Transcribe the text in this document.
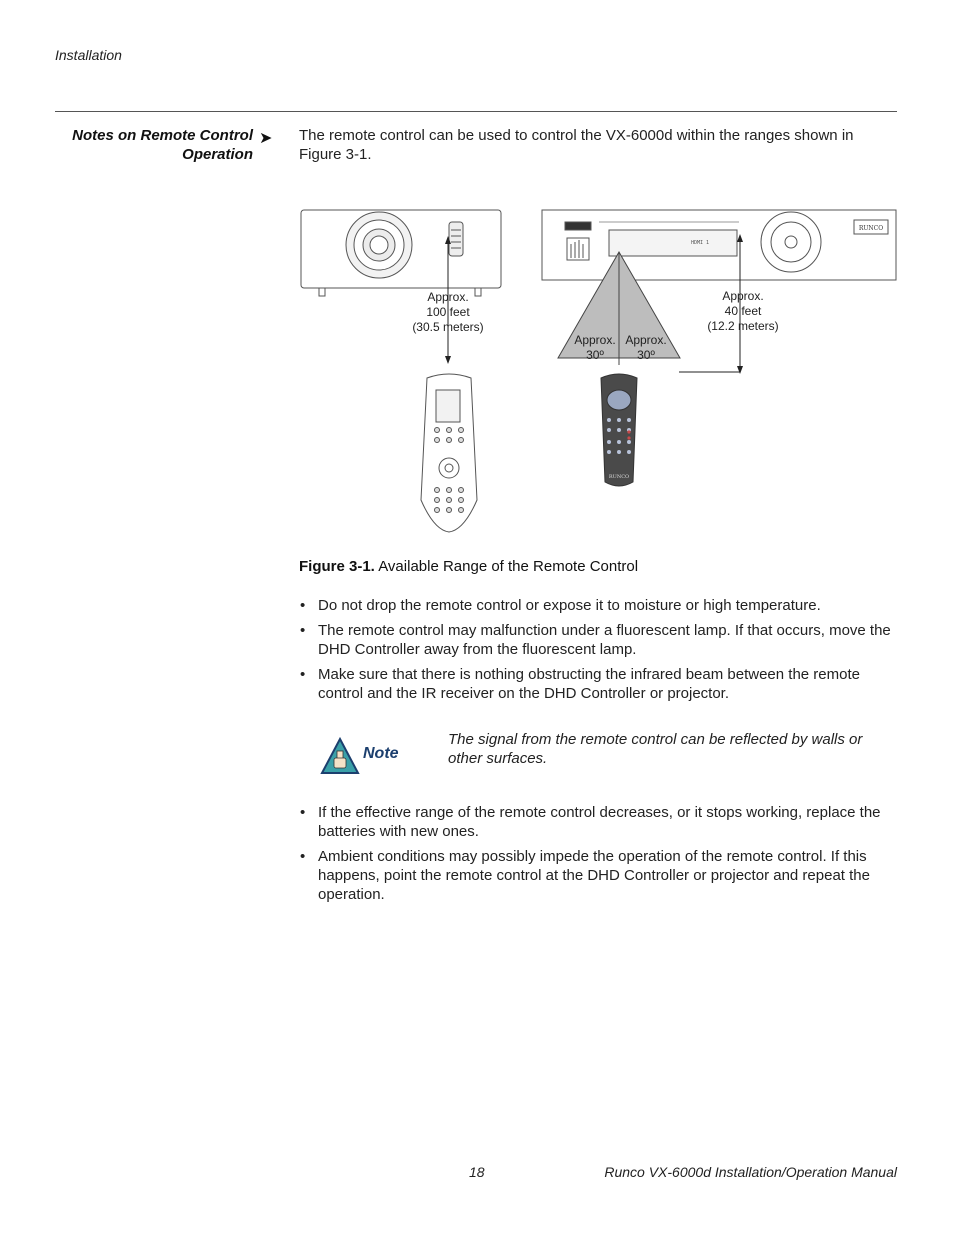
Installation
Notes on Remote Control
Operation
➤ The remote control can be used to control the VX-6000d within the ranges shown in Figure 3-1.
RUNCO
HDMI 1
RUNCO
Approx.
100 feet
(30.5 meters)
Approx.
40 feet
(12.2 meters)
Approx.
30º
Approx.
30º
Figure 3-1. Available Range of the Remote Control
• Do not drop the remote control or expose it to moisture or high temperature.
• The remote control may malfunction under a fluorescent lamp. If that occurs, move the DHD Controller away from the fluorescent lamp.
• Make sure that there is nothing obstructing the infrared beam between the remote control and the IR receiver on the DHD Controller or projector.
Note
The signal from the remote control can be reflected by walls or other surfaces.
• If the effective range of the remote control decreases, or it stops working, replace the batteries with new ones.
• Ambient conditions may possibly impede the operation of the remote control. If this happens, point the remote control at the DHD Controller or projector and repeat the operation.
18	Runco VX-6000d Installation/Operation Manual
